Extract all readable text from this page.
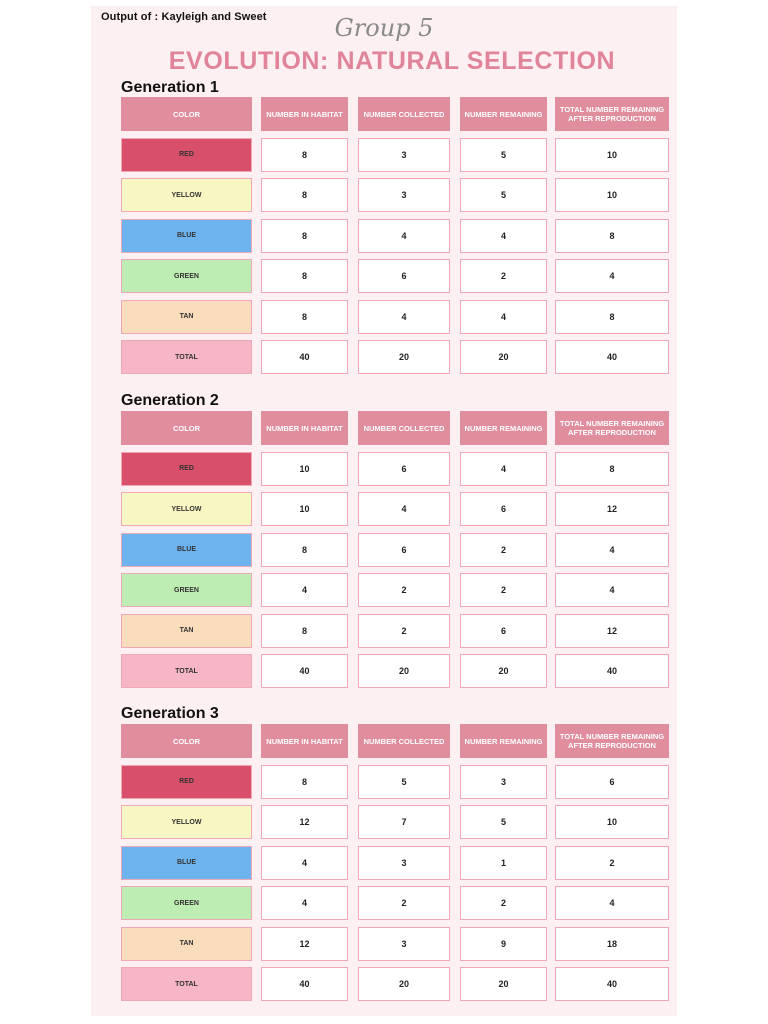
Output of : Kayleigh and Sweet	Group 5
EVOLUTION: NATURAL SELECTION
Generation 1
COLOR	NUMBER IN HABITAT	NUMBER COLLECTED	NUMBER REMAINING	TOTAL NUMBER REMAINING AFTER REPRODUCTION
RED	8	3	5	10
YELLOW	8	3	5	10
BLUE	8	4	4	8
GREEN	8	6	2	4
TAN	8	4	4	8
TOTAL	40	20	20	40
Generation 2
COLOR	NUMBER IN HABITAT	NUMBER COLLECTED	NUMBER REMAINING	TOTAL NUMBER REMAINING AFTER REPRODUCTION
RED	10	6	4	8
YELLOW	10	4	6	12
BLUE	8	6	2	4
GREEN	4	2	2	4
TAN	8	2	6	12
TOTAL	40	20	20	40
Generation 3
COLOR	NUMBER IN HABITAT	NUMBER COLLECTED	NUMBER REMAINING	TOTAL NUMBER REMAINING AFTER REPRODUCTION
RED	8	5	3	6
YELLOW	12	7	5	10
BLUE	4	3	1	2
GREEN	4	2	2	4
TAN	12	3	9	18
TOTAL	40	20	20	40
